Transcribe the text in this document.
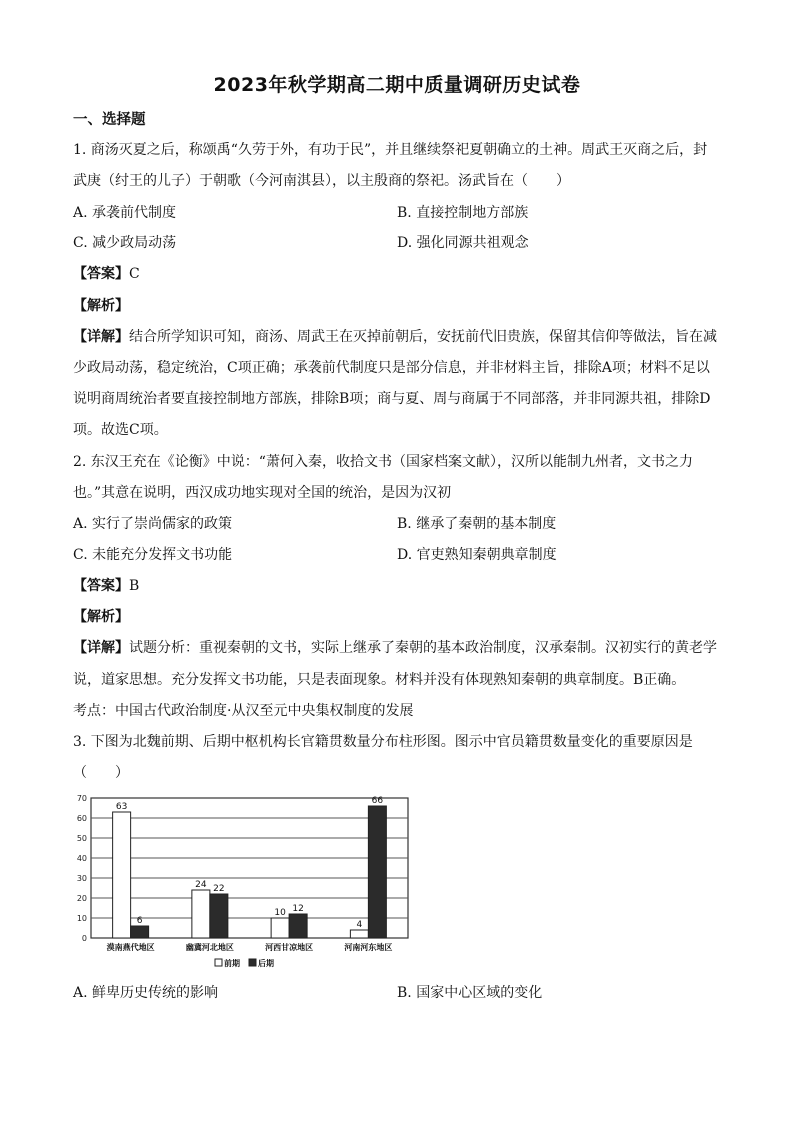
2023年秋学期高二期中质量调研历史试卷
一、选择题
1. 商汤灭夏之后，称颂禹“久劳于外，有功于民”，并且继续祭祀夏朝确立的土神。周武王灭商之后，封
武庚（纣王的儿子）于朝歌（今河南淇县），以主殷商的祭祀。汤武旨在（　　）
A. 承袭前代制度	B. 直接控制地方部族
C. 减少政局动荡	D. 强化同源共祖观念
【答案】C
【解析】
【详解】结合所学知识可知，商汤、周武王在灭掉前朝后，安抚前代旧贵族，保留其信仰等做法，旨在减
少政局动荡，稳定统治，C项正确；承袭前代制度只是部分信息，并非材料主旨，排除A项；材料不足以
说明商周统治者要直接控制地方部族，排除B项；商与夏、周与商属于不同部落，并非同源共祖，排除D
项。故选C项。
2. 东汉王充在《论衡》中说：“萧何入秦，收拾文书（国家档案文献），汉所以能制九州者，文书之力
也。”其意在说明，西汉成功地实现对全国的统治，是因为汉初
A. 实行了崇尚儒家的政策	B. 继承了秦朝的基本制度
C. 未能充分发挥文书功能	D. 官吏熟知秦朝典章制度
【答案】B
【解析】
【详解】试题分析：重视秦朝的文书，实际上继承了秦朝的基本政治制度，汉承秦制。汉初实行的黄老学
说，道家思想。充分发挥文书功能，只是表面现象。材料并没有体现熟知秦朝的典章制度。B正确。
考点：中国古代政治制度·从汉至元中央集权制度的发展
3. 下图为北魏前期、后期中枢机构长官籍贯数量分布柱形图。图示中官员籍贯数量变化的重要原因是
（　　）
0
10
20
30
40
50
60
70
63
6
漠南燕代地区
24 22
幽冀河北地区
10 12
河西甘凉地区
4
66
河南河东地区
前期 后期
A. 鲜卑历史传统的影响	B. 国家中心区域的变化
